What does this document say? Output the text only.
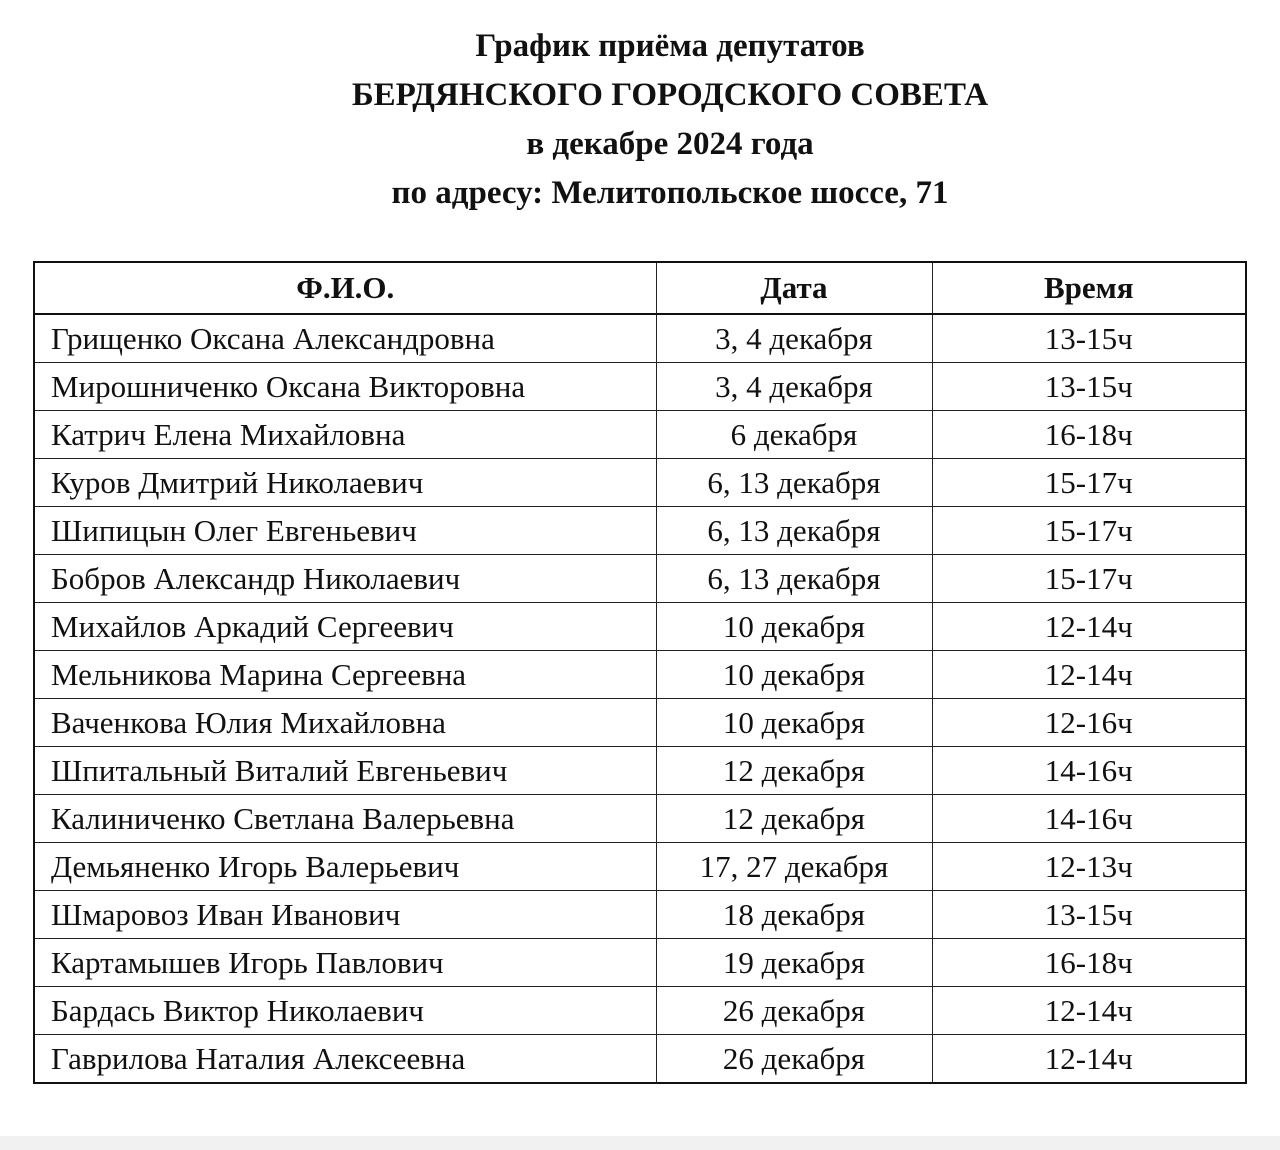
График приёма депутатов
БЕРДЯНСКОГО ГОРОДСКОГО СОВЕТА
в декабре 2024 года
по адресу: Мелитопольское шоссе, 71
Ф.И.О.	Дата	Время
Грищенко Оксана Александровна	3, 4 декабря	13-15ч
Мирошниченко Оксана Викторовна	3, 4 декабря	13-15ч
Катрич Елена Михайловна	6 декабря	16-18ч
Куров Дмитрий Николаевич	6, 13 декабря	15-17ч
Шипицын Олег Евгеньевич	6, 13 декабря	15-17ч
Бобров Александр Николаевич	6, 13 декабря	15-17ч
Михайлов Аркадий Сергеевич	10 декабря	12-14ч
Мельникова Марина Сергеевна	10 декабря	12-14ч
Ваченкова Юлия Михайловна	10 декабря	12-16ч
Шпитальный Виталий Евгеньевич	12 декабря	14-16ч
Калиниченко Светлана Валерьевна	12 декабря	14-16ч
Демьяненко Игорь Валерьевич	17, 27 декабря	12-13ч
Шмаровоз Иван Иванович	18 декабря	13-15ч
Картамышев Игорь Павлович	19 декабря	16-18ч
Бардась Виктор Николаевич	26 декабря	12-14ч
Гаврилова Наталия Алексеевна	26 декабря	12-14ч
